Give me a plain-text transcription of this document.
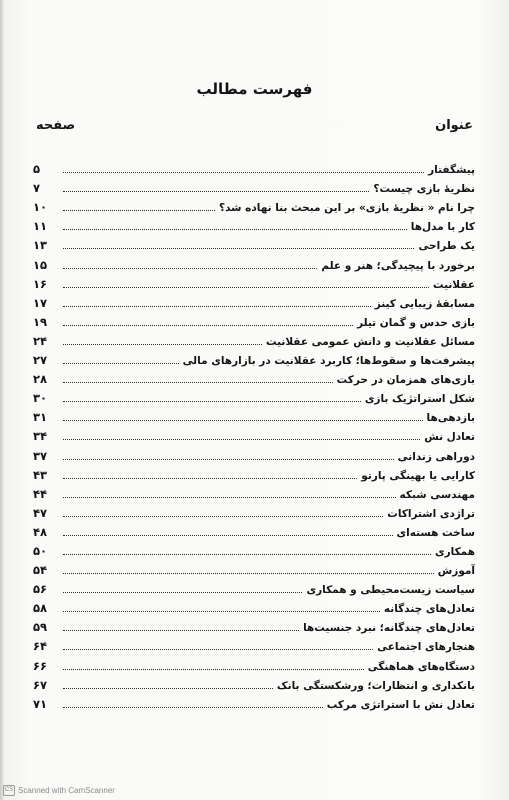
فهرست مطالب
عنوان
صفحه
پیشگفتار
۵
نظریهٔ بازی چیست؟
۷
چرا نام « نظریهٔ بازی» بر این مبحث بنا نهاده شد؟
۱۰
کار با مدل‌ها
۱۱
یک طراحی
۱۳
برخورد با پیچیدگی؛ هنر و علم
۱۵
عقلانیت
۱۶
مسابقهٔ زیبایی کینز
۱۷
بازی حدس و گمان تیلر
۱۹
مسائل عقلانیت و دانش عمومی عقلانیت
۲۴
پیشرفت‌ها و سقوط‌ها؛ کاربرد عقلانیت در بازارهای مالی
۲۷
بازی‌های همزمان در حرکت
۲۸
شکل استراتژیک بازی
۳۰
بازدهی‌ها
۳۱
تعادل نش
۳۴
دوراهی زندانی
۳۷
کارایی یا بهینگی پارتو
۴۳
مهندسی شبکه
۴۴
تراژدی اشتراکات
۴۷
ساخت هسته‌ای
۴۸
همکاری
۵۰
آموزش
۵۴
سیاست زیست‌محیطی و همکاری
۵۶
تعادل‌های چندگانه
۵۸
تعادل‌های چندگانه؛ نبرد جنسیت‌ها
۵۹
هنجارهای اجتماعی
۶۴
دستگاه‌های هماهنگی
۶۶
بانکداری و انتظارات؛ ورشکستگی بانک
۶۷
تعادل نش با استراتژی مرکب
۷۱
CS Scanned with CamScanner
